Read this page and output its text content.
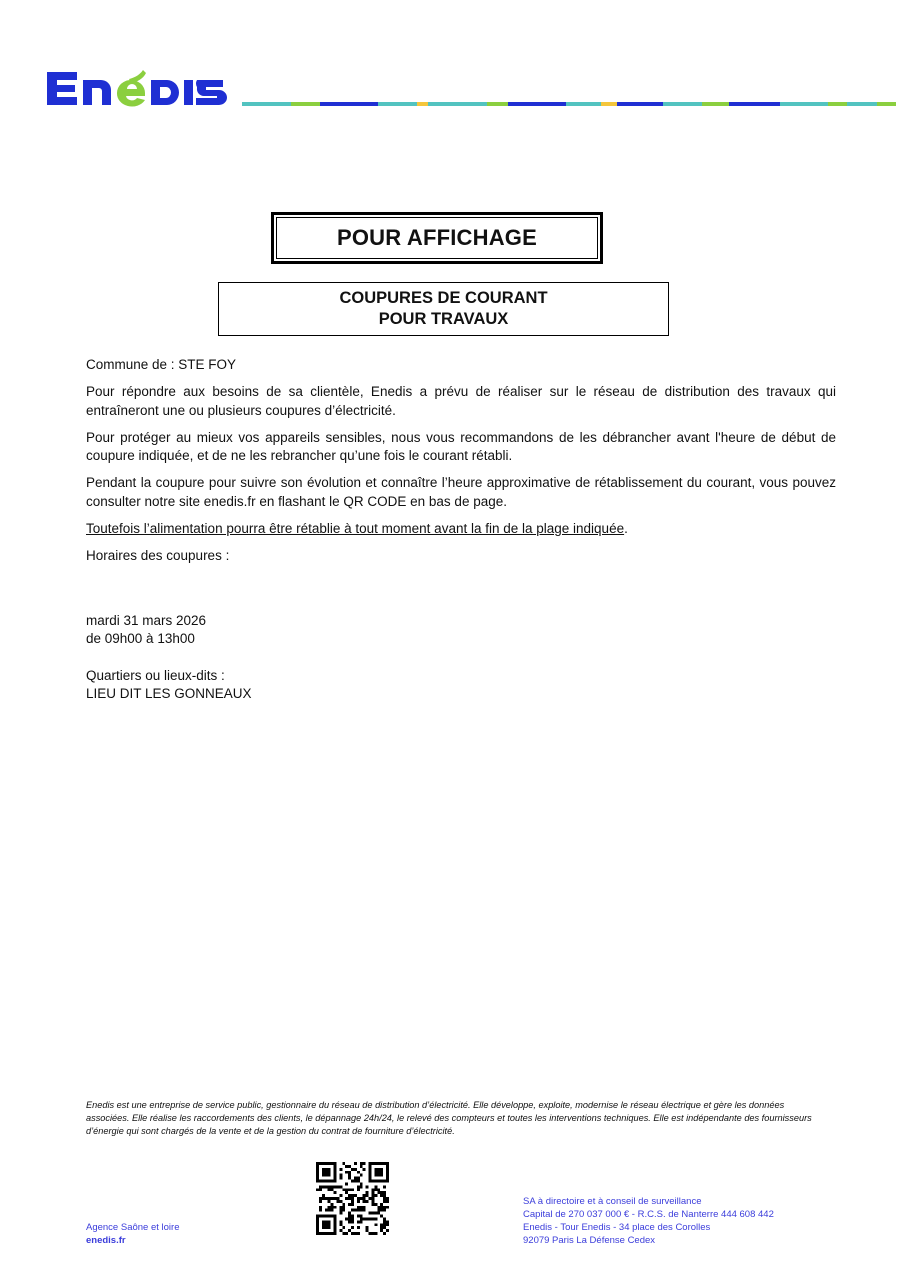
POUR AFFICHAGE
COUPURES DE COURANT
POUR TRAVAUX

Commune de : STE FOY

Pour répondre aux besoins de sa clientèle, Enedis a prévu de réaliser sur le réseau de distribution des travaux qui entraîneront une ou plusieurs coupures d’électricité.

Pour protéger au mieux vos appareils sensibles, nous vous recommandons de les débrancher avant l'heure de début de coupure indiquée, et de ne les rebrancher qu’une fois le courant rétabli.

Pendant la coupure pour suivre son évolution et connaître l’heure approximative de rétablissement du courant, vous pouvez consulter notre site enedis.fr en flashant le QR CODE en bas de page.

Toutefois l’alimentation pourra être rétablie à tout moment avant la fin de la plage indiquée.

Horaires des coupures :

mardi 31 mars 2026
de 09h00 à 13h00
Quartiers ou lieux-dits :
LIEU DIT LES GONNEAUX
Enedis est une entreprise de service public, gestionnaire du réseau de distribution d’électricité. Elle développe, exploite, modernise le réseau électrique et gère les données associées. Elle réalise les raccordements des clients, le dépannage 24h/24, le relevé des compteurs et toutes les interventions techniques. Elle est indépendante des fournisseurs d’énergie qui sont chargés de la vente et de la gestion du contrat de fourniture d’électricité.
Agence Saône et loire
enedis.fr
SA à directoire et à conseil de surveillance
Capital de 270 037 000 € - R.C.S. de Nanterre 444 608 442
Enedis - Tour Enedis - 34 place des Corolles
92079 Paris La Défense Cedex
